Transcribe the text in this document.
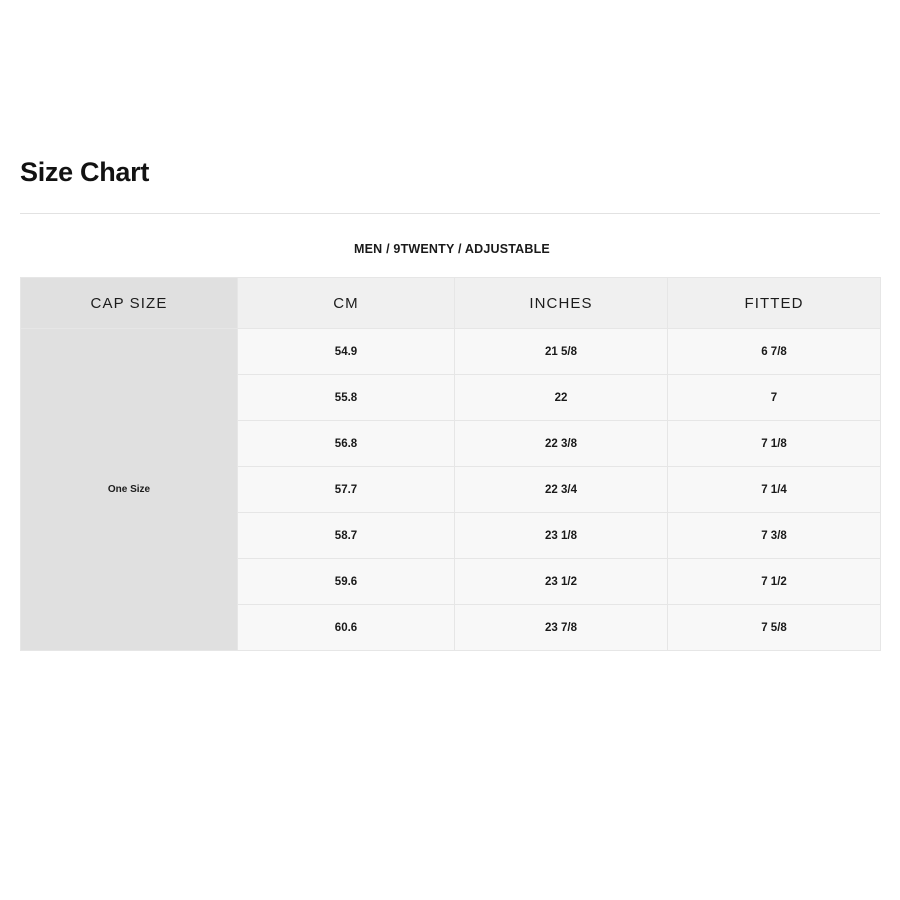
Size Chart
MEN / 9TWENTY / ADJUSTABLE
CAP SIZE	CM	INCHES	FITTED
One Size	54.9	21 5/8	6 7/8
	55.8	22	7
	56.8	22 3/8	7 1/8
	57.7	22 3/4	7 1/4
	58.7	23 1/8	7 3/8
	59.6	23 1/2	7 1/2
	60.6	23 7/8	7 5/8
